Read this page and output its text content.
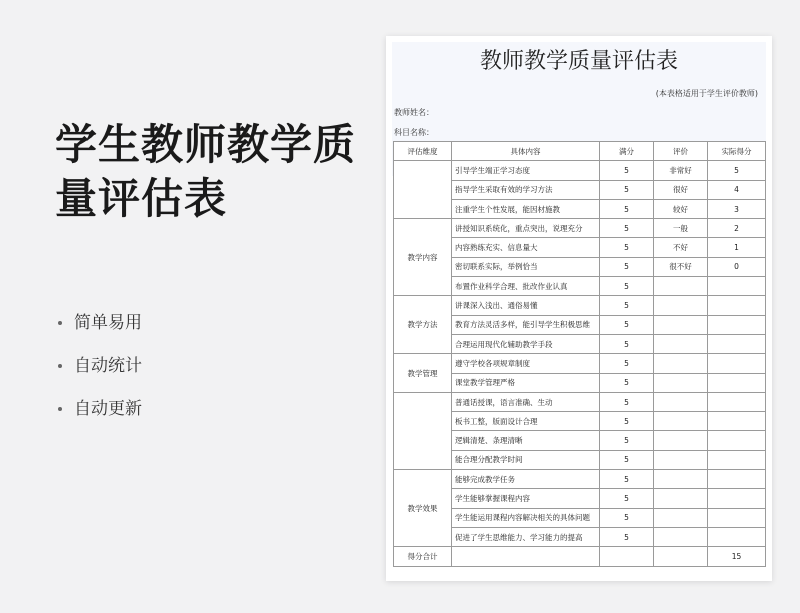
学生教师教学质量评估表
简单易用
自动统计
自动更新
教师教学质量评估表
(本表格适用于学生评价教师)
教师姓名：
科目名称：
评估维度	具体内容	满分	评价	实际得分
	引导学生端正学习态度	5	非常好	5
	指导学生采取有效的学习方法	5	很好	4
	注重学生个性发展，能因材施教	5	较好	3
教学内容	讲授知识系统化，重点突出，说理充分	5	一般	2
	内容熟练充实、信息量大	5	不好	1
	密切联系实际，举例恰当	5	很不好	0
	布置作业科学合理、批改作业认真	5		
教学方法	讲课深入浅出、通俗易懂	5		
	教育方法灵活多样，能引导学生积极思维	5		
	合理运用现代化辅助教学手段	5		
教学管理	遵守学校各项规章制度	5		
	课堂教学管理严格	5		
	普通话授课，语言准确、生动	5		
	板书工整，版面设计合理	5		
	逻辑清楚、条理清晰	5		
	能合理分配教学时间	5		
教学效果	能够完成教学任务	5		
	学生能够掌握课程内容	5		
	学生能运用课程内容解决相关的具体问题	5		
	促进了学生思维能力、学习能力的提高	5		
得分合计				15
